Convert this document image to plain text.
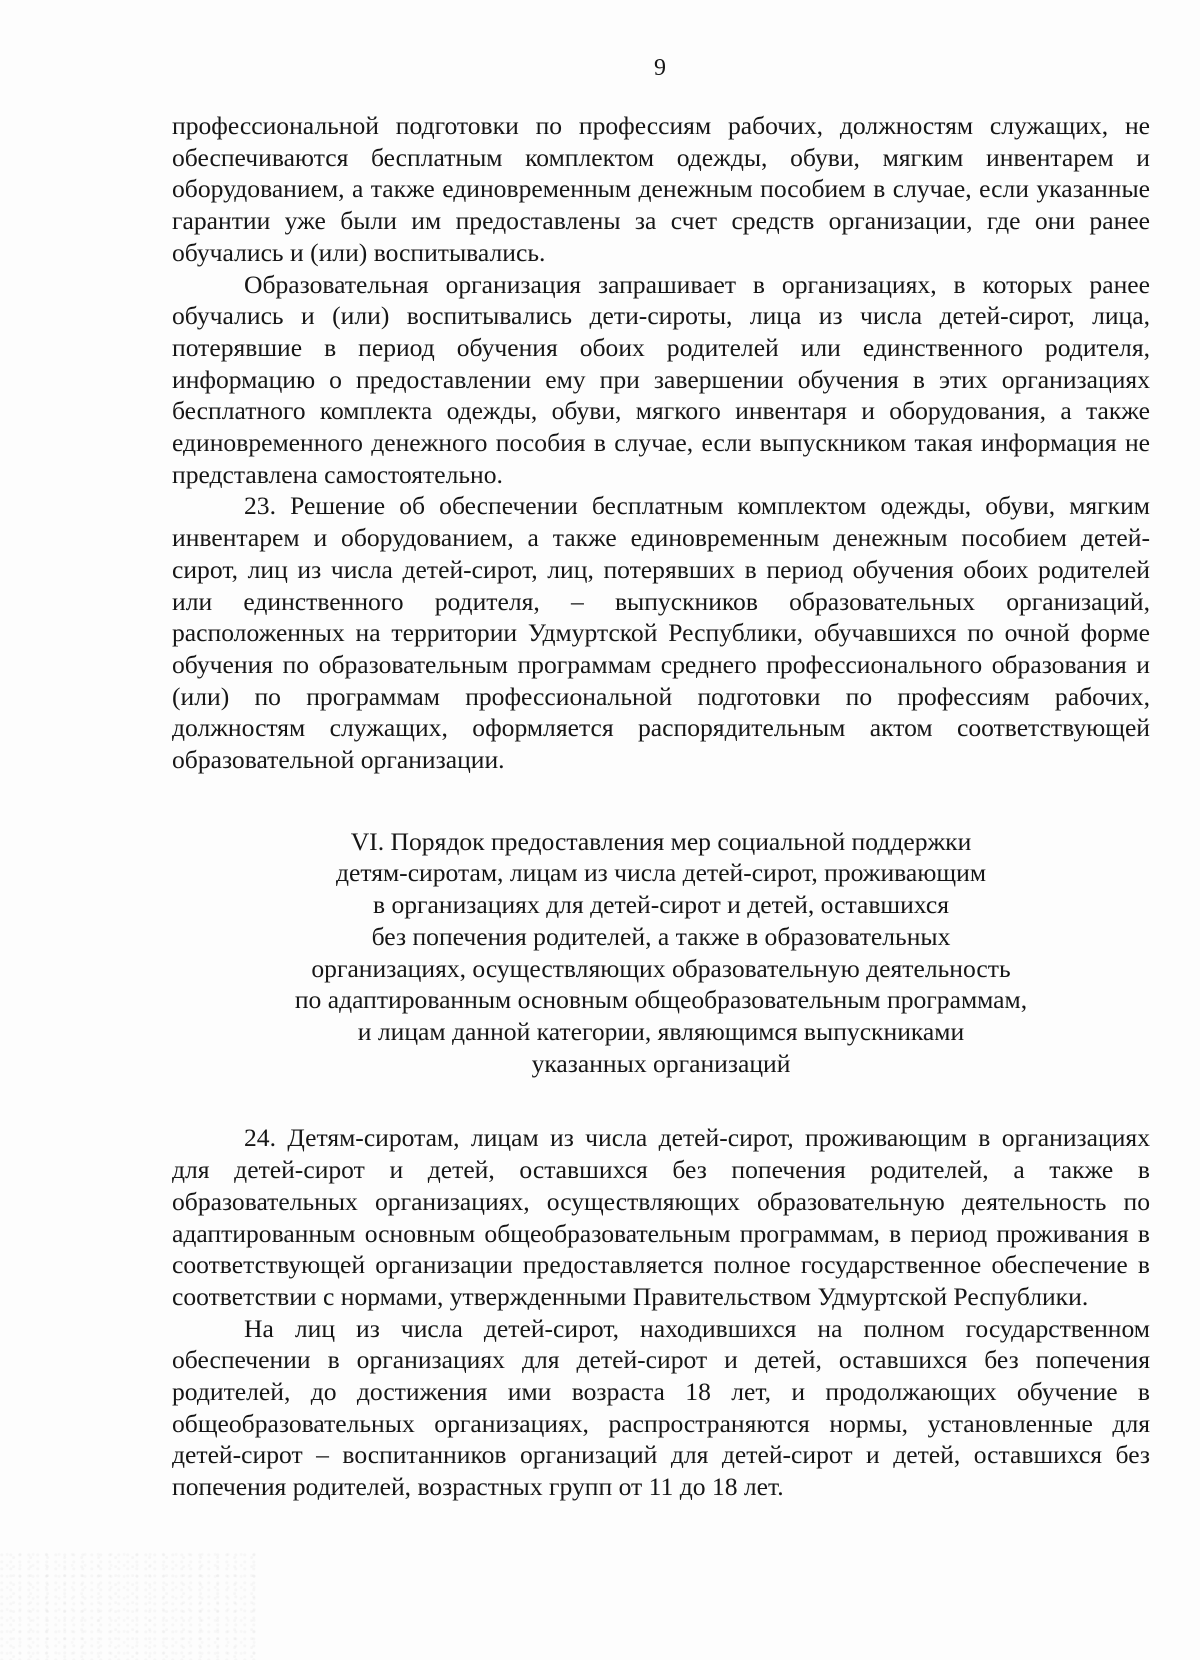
9

профессиональной подготовки по профессиям рабочих, должностям служащих, не обеспечиваются бесплатным комплектом одежды, обуви, мягким инвентарем и оборудованием, а также единовременным денежным пособием в случае, если указанные гарантии уже были им предоставлены за счет средств организации, где они ранее обучались и (или) воспитывались.

Образовательная организация запрашивает в организациях, в которых ранее обучались и (или) воспитывались дети-сироты, лица из числа детей-сирот, лица, потерявшие в период обучения обоих родителей или единственного родителя, информацию о предоставлении ему при завершении обучения в этих организациях бесплатного комплекта одежды, обуви, мягкого инвентаря и оборудования, а также единовременного денежного пособия в случае, если выпускником такая информация не представлена самостоятельно.

23. Решение об обеспечении бесплатным комплектом одежды, обуви, мягким инвентарем и оборудованием, а также единовременным денежным пособием детей-сирот, лиц из числа детей-сирот, лиц, потерявших в период обучения обоих родителей или единственного родителя, – выпускников образовательных организаций, расположенных на территории Удмуртской Республики, обучавшихся по очной форме обучения по образовательным программам среднего профессионального образования и (или) по программам профессиональной подготовки по профессиям рабочих, должностям служащих, оформляется распорядительным актом соответствующей образовательной организации.

VI. Порядок предоставления мер социальной поддержки
детям-сиротам, лицам из числа детей-сирот, проживающим
в организациях для детей-сирот и детей, оставшихся
без попечения родителей, а также в образовательных
организациях, осуществляющих образовательную деятельность
по адаптированным основным общеобразовательным программам,
и лицам данной категории, являющимся выпускниками
указанных организаций

24. Детям-сиротам, лицам из числа детей-сирот, проживающим в организациях для детей-сирот и детей, оставшихся без попечения родителей, а также в образовательных организациях, осуществляющих образовательную деятельность по адаптированным основным общеобразовательным программам, в период проживания в соответствующей организации предоставляется полное государственное обеспечение в соответствии с нормами, утвержденными Правительством Удмуртской Республики.

На лиц из числа детей-сирот, находившихся на полном государственном обеспечении в организациях для детей-сирот и детей, оставшихся без попечения родителей, до достижения ими возраста 18 лет, и продолжающих обучение в общеобразовательных организациях, распространяются нормы, установленные для детей-сирот – воспитанников организаций для детей-сирот и детей, оставшихся без попечения родителей, возрастных групп от 11 до 18 лет.
